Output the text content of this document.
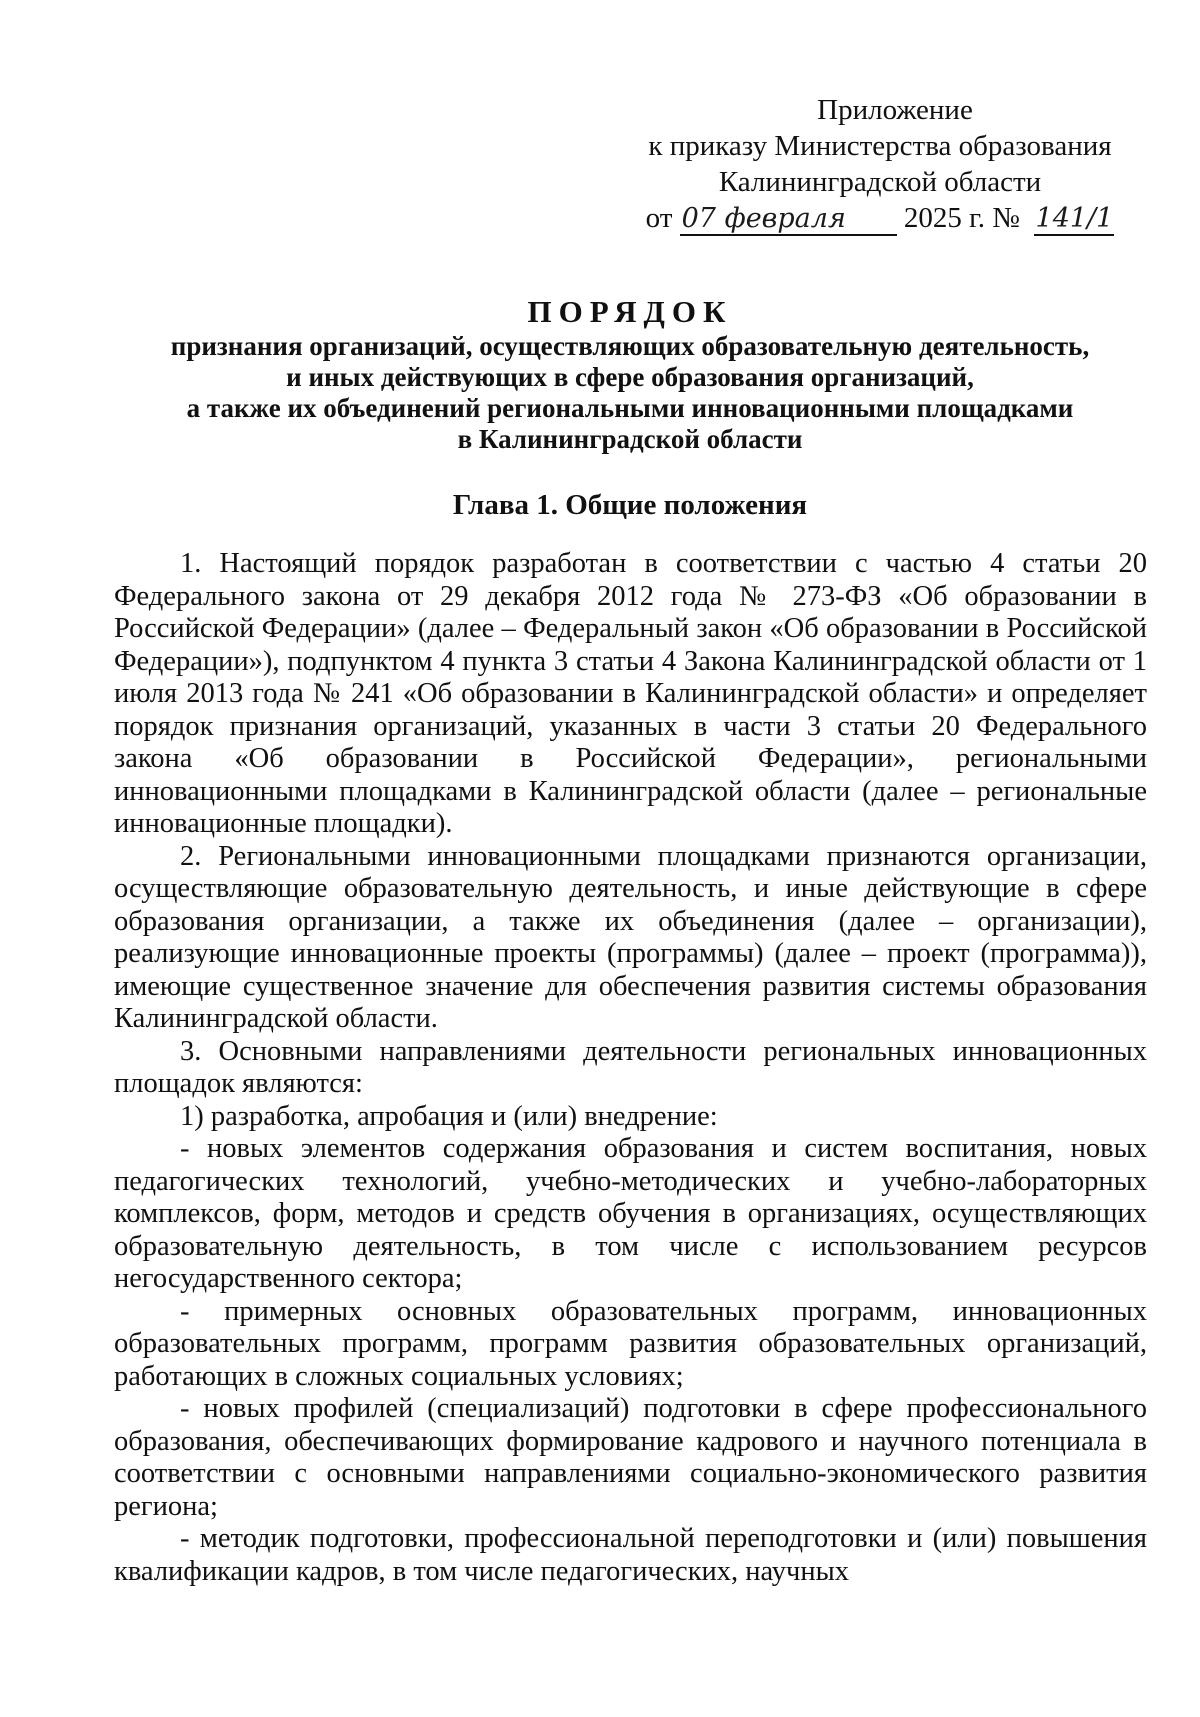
Приложение
к приказу Министерства образования
Калининградской области
от 07 февраля 2025 г. № 141/1
ПОРЯДОК
признания организаций, осуществляющих образовательную деятельность,
и иных действующих в сфере образования организаций,
а также их объединений региональными инновационными площадками
в Калининградской области
Глава 1. Общие положения

1. Настоящий порядок разработан в соответствии с частью 4 статьи 20 Федерального закона от 29 декабря 2012 года № 273-ФЗ «Об образовании в Российской Федерации» (далее – Федеральный закон «Об образовании в Российской Федерации»), подпунктом 4 пункта 3 статьи 4 Закона Калининградской области от 1 июля 2013 года № 241 «Об образовании в Калининградской области» и определяет порядок признания организаций, указанных в части 3 статьи 20 Федерального закона «Об образовании в Российской Федерации», региональными инновационными площадками в Калининградской области (далее – региональные инновационные площадки).

2. Региональными инновационными площадками признаются организации, осуществляющие образовательную деятельность, и иные действующие в сфере образования организации, а также их объединения (далее – организации), реализующие инновационные проекты (программы) (далее – проект (программа)), имеющие существенное значение для обеспечения развития системы образования Калининградской области.

3. Основными направлениями деятельности региональных инновационных площадок являются:

1) разработка, апробация и (или) внедрение:

- новых элементов содержания образования и систем воспитания, новых педагогических технологий, учебно-методических и учебно-лабораторных комплексов, форм, методов и средств обучения в организациях, осуществляющих образовательную деятельность, в том числе с использованием ресурсов негосударственного сектора;

- примерных основных образовательных программ, инновационных образовательных программ, программ развития образовательных организаций, работающих в сложных социальных условиях;

- новых профилей (специализаций) подготовки в сфере профессионального образования, обеспечивающих формирование кадрового и научного потенциала в соответствии с основными направлениями социально-экономического развития региона;

- методик подготовки, профессиональной переподготовки и (или) повышения квалификации кадров, в том числе педагогических, научных
